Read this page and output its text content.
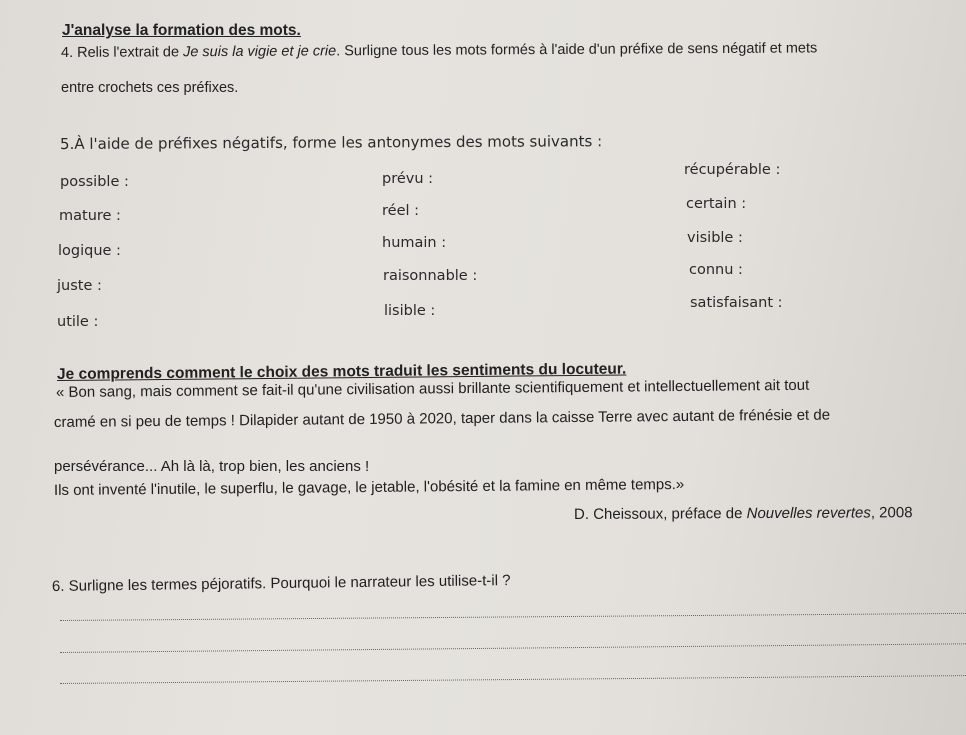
J'analyse la formation des mots.
4. Relis l'extrait de Je suis la vigie et je crie. Surligne tous les mots formés à l'aide d'un préfixe de sens négatif et mets
entre crochets ces préfixes.
5.À l'aide de préfixes négatifs, forme les antonymes des mots suivants :
possible :
mature :
logique :
juste :
utile :
prévu :
réel :
humain :
raisonnable :
lisible :
récupérable :
certain :
visible :
connu :
satisfaisant :
Je comprends comment le choix des mots traduit les sentiments du locuteur.
« Bon sang, mais comment se fait-il qu'une civilisation aussi brillante scientifiquement et intellectuellement ait tout
cramé en si peu de temps ! Dilapider autant de 1950 à 2020, taper dans la caisse Terre avec autant de frénésie et de
persévérance... Ah là là, trop bien, les anciens !
Ils ont inventé l'inutile, le superflu, le gavage, le jetable, l'obésité et la famine en même temps.»
D. Cheissoux, préface de Nouvelles revertes, 2008
6. Surligne les termes péjoratifs. Pourquoi le narrateur les utilise-t-il ?
